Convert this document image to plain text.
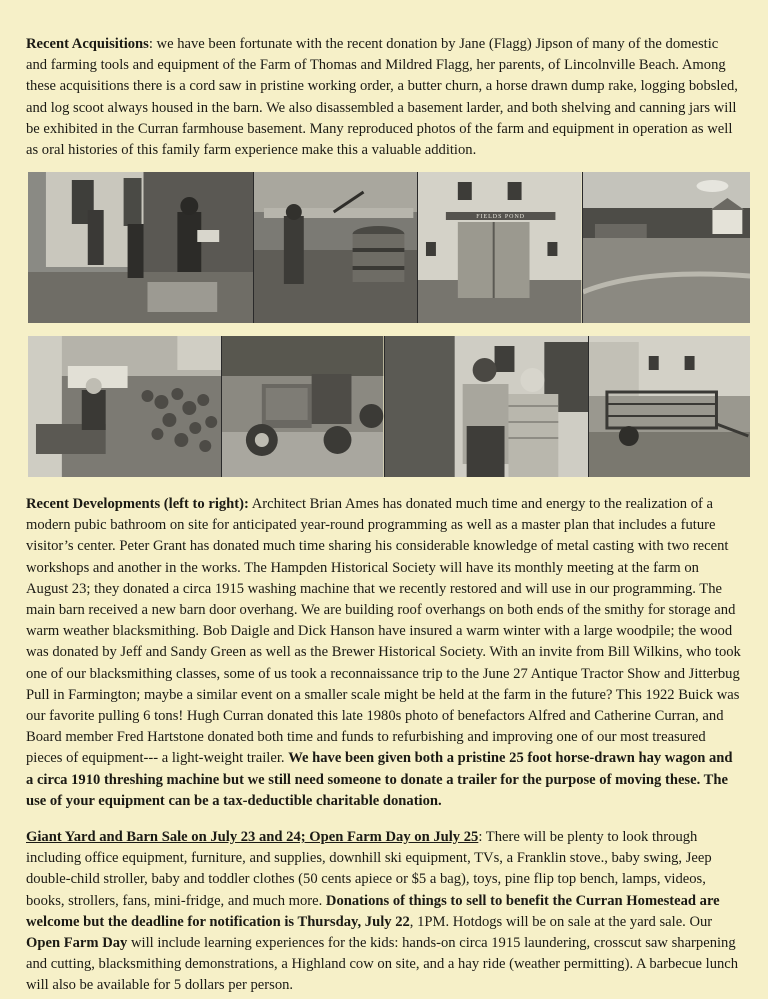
Recent Acquisitions: we have been fortunate with the recent donation by Jane (Flagg) Jipson of many of the domestic and farming tools and equipment of the Farm of Thomas and Mildred Flagg, her parents, of Lincolnville Beach. Among these acquisitions there is a cord saw in pristine working order, a butter churn, a horse drawn dump rake, logging bobsled, and log scoot always housed in the barn. We also disassembled a basement larder, and both shelving and canning jars will be exhibited in the Curran farmhouse basement. Many reproduced photos of the farm and equipment in operation as well as oral histories of this family farm experience make this a valuable addition.

FIELDS POND

Recent Developments (left to right): Architect Brian Ames has donated much time and energy to the realization of a modern pubic bathroom on site for anticipated year-round programming as well as a master plan that includes a future visitor’s center. Peter Grant has donated much time sharing his considerable knowledge of metal casting with two recent workshops and another in the works. The Hampden Historical Society will have its monthly meeting at the farm on August 23; they donated a circa 1915 washing machine that we recently restored and will use in our programming. The main barn received a new barn door overhang. We are building roof overhangs on both ends of the smithy for storage and warm weather blacksmithing. Bob Daigle and Dick Hanson have insured a warm winter with a large woodpile; the wood was donated by Jeff and Sandy Green as well as the Brewer Historical Society. With an invite from Bill Wilkins, who took one of our blacksmithing classes, some of us took a reconnaissance trip to the June 27 Antique Tractor Show and Jitterbug Pull in Farmington; maybe a similar event on a smaller scale might be held at the farm in the future? This 1922 Buick was our favorite pulling 6 tons! Hugh Curran donated this late 1980s photo of benefactors Alfred and Catherine Curran, and Board member Fred Hartstone donated both time and funds to refurbishing and improving one of our most treasured pieces of equipment--- a light-weight trailer. We have been given both a pristine 25 foot horse-drawn hay wagon and a circa 1910 threshing machine but we still need someone to donate a trailer for the purpose of moving these. The use of your equipment can be a tax-deductible charitable donation.

Giant Yard and Barn Sale on July 23 and 24; Open Farm Day on July 25: There will be plenty to look through including office equipment, furniture, and supplies, downhill ski equipment, TVs, a Franklin stove., baby swing, Jeep double-child stroller, baby and toddler clothes (50 cents apiece or $5 a bag), toys, pine flip top bench, lamps, videos, books, strollers, fans, mini-fridge, and much more. Donations of things to sell to benefit the Curran Homestead are welcome but the deadline for notification is Thursday, July 22, 1PM. Hotdogs will be on sale at the yard sale. Our Open Farm Day will include learning experiences for the kids: hands-on circa 1915 laundering, crosscut saw sharpening and cutting, blacksmithing demonstrations, a Highland cow on site, and a hay ride (weather permitting). A barbecue lunch will also be available for 5 dollars per person.
